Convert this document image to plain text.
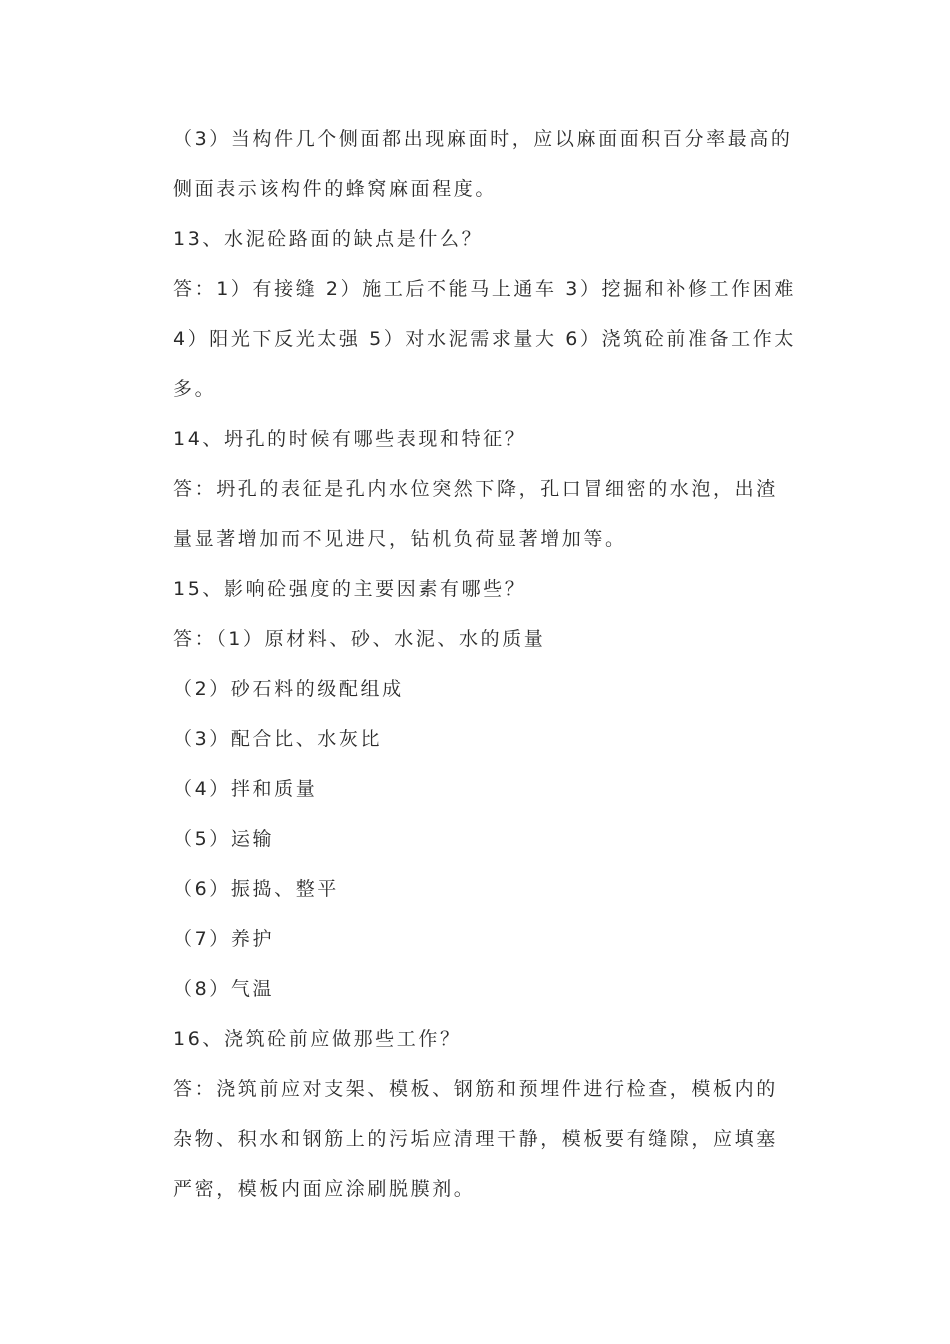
（3）当构件几个侧面都出现麻面时，应以麻面面积百分率最高的
侧面表示该构件的蜂窝麻面程度。
13、水泥砼路面的缺点是什么？
答：1）有接缝 2）施工后不能马上通车 3）挖掘和补修工作困难
4）阳光下反光太强 5）对水泥需求量大 6）浇筑砼前准备工作太
多。
14、坍孔的时候有哪些表现和特征？
答：坍孔的表征是孔内水位突然下降，孔口冒细密的水泡，出渣
量显著增加而不见进尺，钻机负荷显著增加等。
15、影响砼强度的主要因素有哪些？
答：（1）原材料、砂、水泥、水的质量
（2）砂石料的级配组成
（3）配合比、水灰比
（4）拌和质量
（5）运输
（6）振捣、整平
（7）养护
（8）气温
16、浇筑砼前应做那些工作？
答：浇筑前应对支架、模板、钢筋和预埋件进行检查，模板内的
杂物、积水和钢筋上的污垢应清理干静，模板要有缝隙，应填塞
严密，模板内面应涂刷脱膜剂。
